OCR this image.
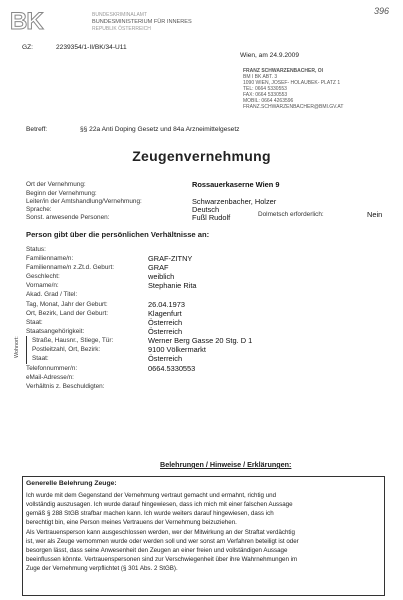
396
BK	BUNDESKRIMINALAMT
BUNDESMINISTERIUM FÜR INNERES
REPUBLIK ÖSTERREICH
GZ:	2239354/1-II/BK/34-U11
Wien, am 24.9.2009
FRANZ SCHWARZENBACHER, OI
BM I BK ABT. 3
1090 WIEN, JOSEF- HOLAUBEK- PLATZ 1
TEL: 0664 5330553
FAX: 0664 5330553
MOBIL: 0664 4263596
FRANZ.SCHWARZENBACHER@BMI.GV.AT
Betreff:	§§ 22a Anti Doping Gesetz und 84a Arzneimittelgesetz
Zeugenvernehmung
Ort der Vernehmung:	Rossauerkaserne Wien 9
Beginn der Vernehmung:
Leiter/in der Amtshandlung/Vernehmung:	Schwarzenbacher, Holzer
Sprache:	Deutsch
Sonst. anwesende Personen:	Fußl Rudolf	Dolmetsch erforderlich:	Nein
Person gibt über die persönlichen Verhältnisse an:
Status:
Familienname/n:	GRAF-ZITNY
Familienname/n z.Zt.d. Geburt:	GRAF
Geschlecht:	weiblich
Vorname/n:	Stephanie Rita
Akad. Grad / Titel:
Tag, Monat, Jahr der Geburt:	26.04.1973
Ort, Bezirk, Land der Geburt:	Klagenfurt
Staat:	Österreich
Staatsangehörigkeit:	Österreich
Wohnort: Straße, Hausnr., Stiege, Tür:	Werner Berg Gasse 20 Stg. D 1
Postleitzahl, Ort, Bezirk:	9100 Völkermarkt
Staat:	Österreich
Telefonnummer/n:	0664.5330553
eMail-Adresse/n:
Verhältnis z. Beschuldigten:
Belehrungen / Hinweise / Erklärungen:
Generelle Belehrung Zeuge:
Ich wurde mit dem Gegenstand der Vernehmung vertraut gemacht und ermahnt, richtig und
vollständig auszusagen. Ich wurde darauf hingewiesen, dass ich mich mit einer falschen Aussage
gemäß § 288 StGB strafbar machen kann. Ich wurde weiters darauf hingewiesen, dass ich
berechtigt bin, eine Person meines Vertrauens der Vernehmung beizuziehen.
Als Vertrauensperson kann ausgeschlossen werden, wer der Mitwirkung an der Straftat verdächtig
ist, wer als Zeuge vernommen wurde oder werden soll und wer sonst am Verfahren beteiligt ist oder
besorgen lässt, dass seine Anwesenheit den Zeugen an einer freien und vollständigen Aussage
beeinflussen könnte. Vertrauenspersonen sind zur Verschwiegenheit über ihre Wahrnehmungen im
Zuge der Vernehmung verpflichtet (§ 301 Abs. 2 StGB).
